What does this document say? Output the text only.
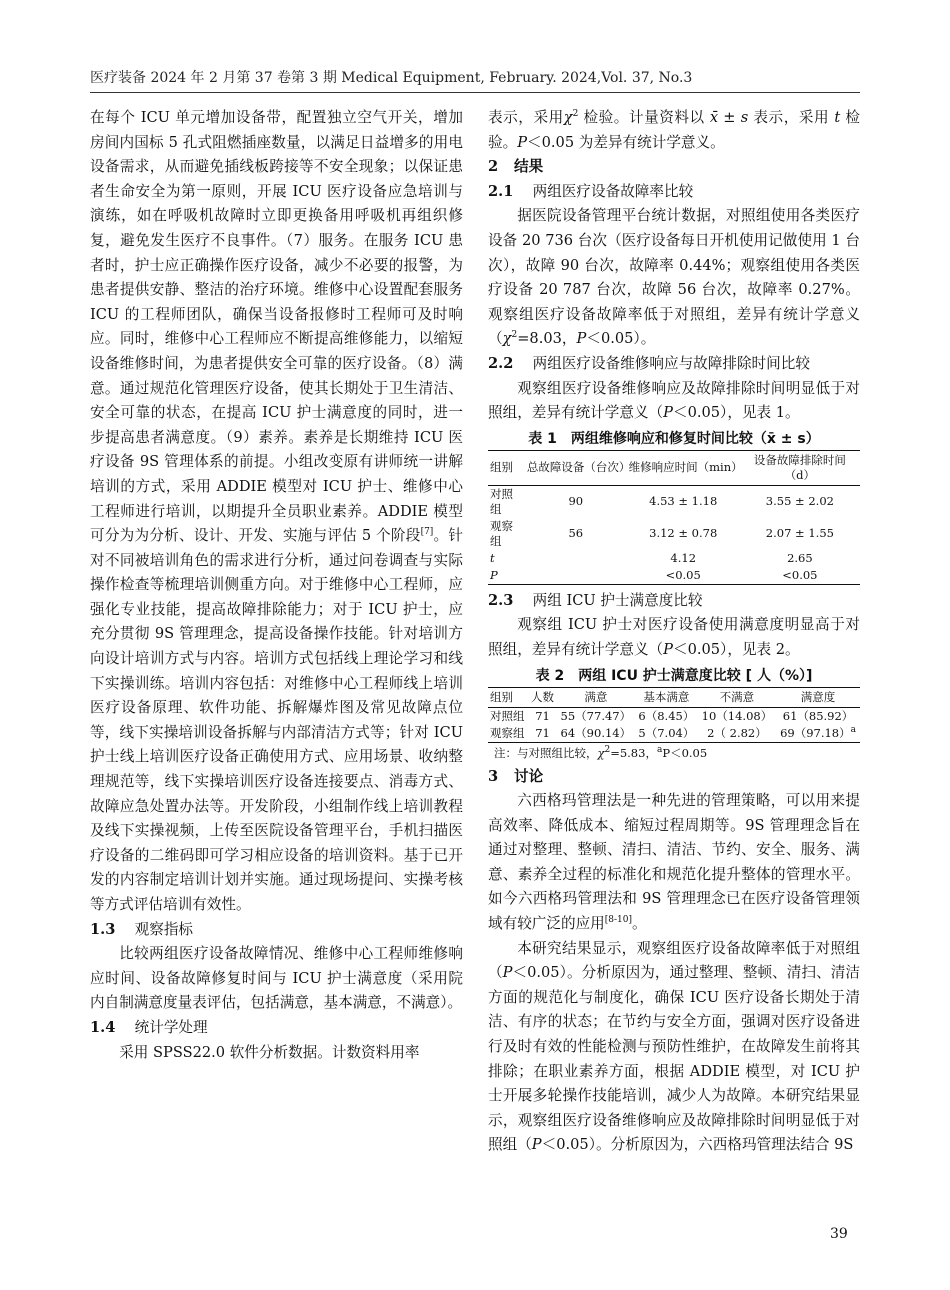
医疗装备 2024 年 2 月第 37 卷第 3 期 Medical Equipment, February. 2024,Vol. 37, No.3

在每个 ICU 单元增加设备带，配置独立空气开关，增加房间内国标 5 孔式阻燃插座数量，以满足日益增多的用电设备需求，从而避免插线板跨接等不安全现象；以保证患者生命安全为第一原则，开展 ICU 医疗设备应急培训与演练，如在呼吸机故障时立即更换备用呼吸机再组织修复，避免发生医疗不良事件。（7）服务。在服务 ICU 患者时，护士应正确操作医疗设备，减少不必要的报警，为患者提供安静、整洁的治疗环境。维修中心设置配套服务 ICU 的工程师团队，确保当设备报修时工程师可及时响应。同时，维修中心工程师应不断提高维修能力，以缩短设备维修时间，为患者提供安全可靠的医疗设备。（8）满意。通过规范化管理医疗设备，使其长期处于卫生清洁、安全可靠的状态，在提高 ICU 护士满意度的同时，进一步提高患者满意度。（9）素养。素养是长期维持 ICU 医疗设备 9S 管理体系的前提。小组改变原有讲师统一讲解培训的方式，采用 ADDIE 模型对 ICU 护士、维修中心工程师进行培训，以期提升全员职业素养。ADDIE 模型可分为为分析、设计、开发、实施与评估 5 个阶段[7]。针对不同被培训角色的需求进行分析，通过问卷调查与实际操作检查等梳理培训侧重方向。对于维修中心工程师，应强化专业技能，提高故障排除能力；对于 ICU 护士，应充分贯彻 9S 管理理念，提高设备操作技能。针对培训方向设计培训方式与内容。培训方式包括线上理论学习和线下实操训练。培训内容包括：对维修中心工程师线上培训医疗设备原理、软件功能、拆解爆炸图及常见故障点位等，线下实操培训设备拆解与内部清洁方式等；针对 ICU 护士线上培训医疗设备正确使用方式、应用场景、收纳整理规范等，线下实操培训医疗设备连接要点、消毒方式、故障应急处置办法等。开发阶段，小组制作线上培训教程及线下实操视频，上传至医院设备管理平台，手机扫描医疗设备的二维码即可学习相应设备的培训资料。基于已开发的内容制定培训计划并实施。通过现场提问、实操考核等方式评估培训有效性。

1.3 观察指标

比较两组医疗设备故障情况、维修中心工程师维修响应时间、设备故障修复时间与 ICU 护士满意度（采用院内自制满意度量表评估，包括满意，基本满意，不满意）。

1.4 统计学处理

采用 SPSS22.0 软件分析数据。计数资料用率

表示，采用$\chi^2$ 检验。计量资料以 x̄ ± s 表示，采用 t 检验。P＜0.05 为差异有统计学意义。

2 结果
2.1 两组医疗设备故障率比较

据医院设备管理平台统计数据，对照组使用各类医疗设备 20 736 台次（医疗设备每日开机使用记做使用 1 台次），故障 90 台次，故障率 0.44%；观察组使用各类医疗设备 20 787 台次，故障 56 台次，故障率 0.27%。观察组医疗设备故障率低于对照组，差异有统计学意义（$\chi^2=8.03$，P＜0.05）。

2.2 两组医疗设备维修响应与故障排除时间比较

观察组医疗设备维修响应及故障排除时间明显低于对照组，差异有统计学意义（P＜0.05），见表 1。

表 1　两组维修响应和修复时间比较（x̄ ± s）
组别	总故障设备（台次）	维修响应时间（min）	设备故障排除时间（d）
对照组	90	4.53 ± 1.18	3.55 ± 2.02
观察组	56	3.12 ± 0.78	2.07 ± 1.55
t		4.12	2.65
P		<0.05	<0.05
2.3 两组 ICU 护士满意度比较

观察组 ICU 护士对医疗设备使用满意度明显高于对照组，差异有统计学意义（P＜0.05），见表 2。

表 2　两组 ICU 护士满意度比较 [ 人（%）]
组别	人数	满意	基本满意	不满意	满意度
对照组	71	55（77.47）	6（8.45）	10（14.08）	61（85.92）
观察组	71	64（90.14）	5（7.04）	2（ 2.82）	$69(97.18)^a$
注：与对照组比较，$\chi^2=5.83$，$^a$P＜0.05
3 讨论

六西格玛管理法是一种先进的管理策略，可以用来提高效率、降低成本、缩短过程周期等。9S 管理理念旨在通过对整理、整顿、清扫、清洁、节约、安全、服务、满意、素养全过程的标准化和规范化提升整体的管理水平。如今六西格玛管理法和 9S 管理理念已在医疗设备管理领域有较广泛的应用[8-10]。

本研究结果显示，观察组医疗设备故障率低于对照组（P＜0.05）。分析原因为，通过整理、整顿、清扫、清洁方面的规范化与制度化，确保 ICU 医疗设备长期处于清洁、有序的状态；在节约与安全方面，强调对医疗设备进行及时有效的性能检测与预防性维护，在故障发生前将其排除；在职业素养方面，根据 ADDIE 模型，对 ICU 护士开展多轮操作技能培训，减少人为故障。本研究结果显示，观察组医疗设备维修响应及故障排除时间明显低于对照组（P＜0.05）。分析原因为，六西格玛管理法结合 9S

39
